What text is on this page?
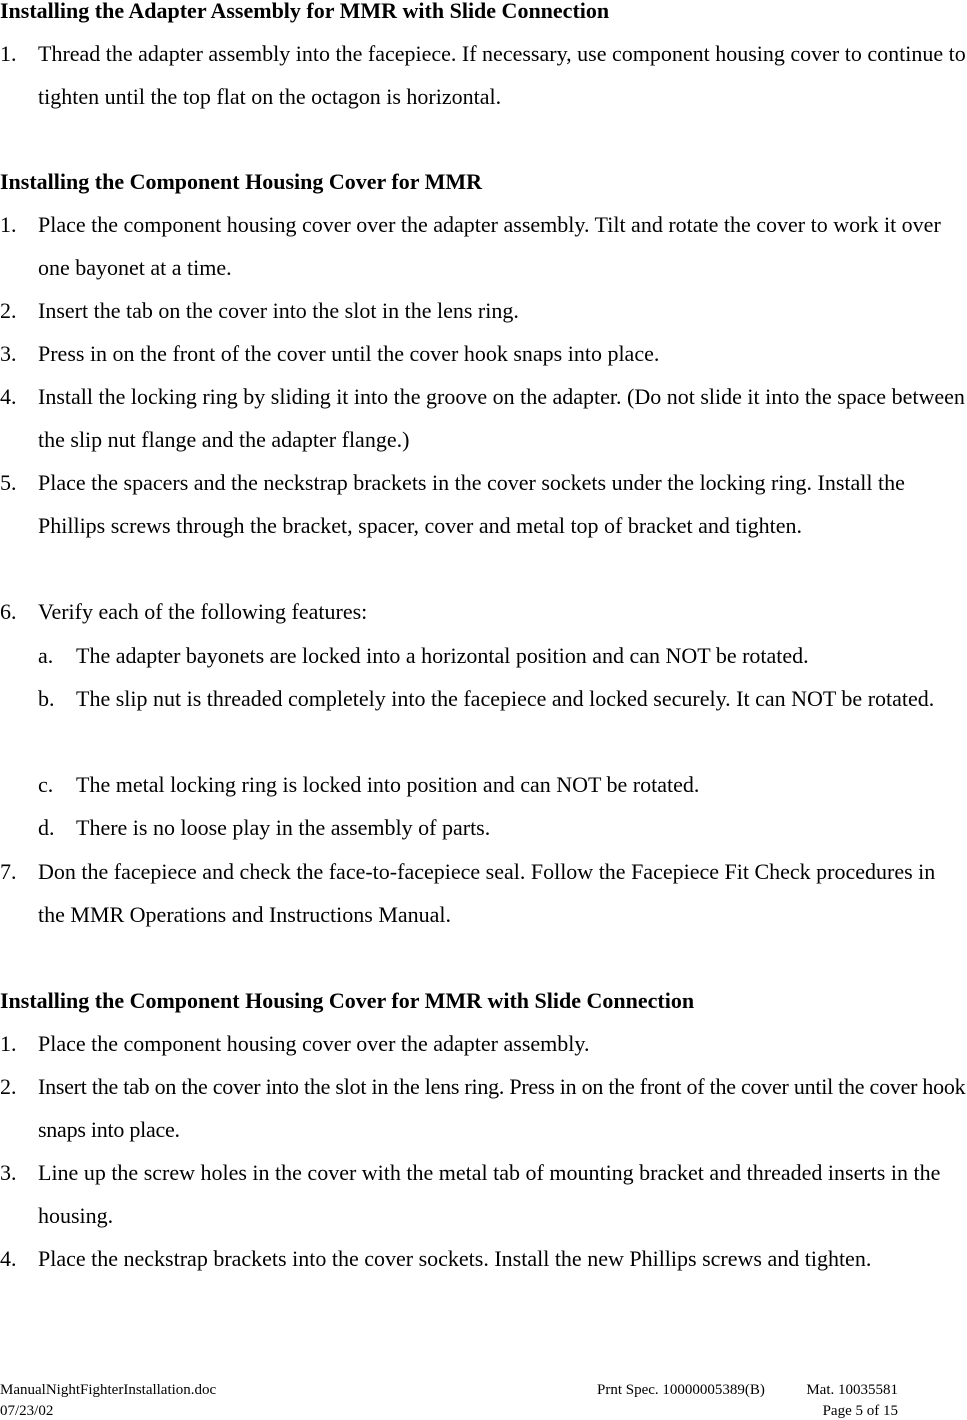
Installing the Adapter Assembly for MMR with Slide Connection
1. Thread the adapter assembly into the facepiece. If necessary, use component housing cover to continue to tighten until the top flat on the octagon is horizontal.
Installing the Component Housing Cover for MMR
1. Place the component housing cover over the adapter assembly. Tilt and rotate the cover to work it over one bayonet at a time.
2. Insert the tab on the cover into the slot in the lens ring.
3. Press in on the front of the cover until the cover hook snaps into place.
4. Install the locking ring by sliding it into the groove on the adapter. (Do not slide it into the space between the slip nut flange and the adapter flange.)
5. Place the spacers and the neckstrap brackets in the cover sockets under the locking ring. Install the Phillips screws through the bracket, spacer, cover and metal top of bracket and tighten.
6. Verify each of the following features:
a. The adapter bayonets are locked into a horizontal position and can NOT be rotated.
b. The slip nut is threaded completely into the facepiece and locked securely. It can NOT be rotated.
c. The metal locking ring is locked into position and can NOT be rotated.
d. There is no loose play in the assembly of parts.
7. Don the facepiece and check the face-to-facepiece seal. Follow the Facepiece Fit Check procedures in the MMR Operations and Instructions Manual.
Installing the Component Housing Cover for MMR with Slide Connection
1. Place the component housing cover over the adapter assembly.
2. Insert the tab on the cover into the slot in the lens ring. Press in on the front of the cover until the cover hook snaps into place.
3. Line up the screw holes in the cover with the metal tab of mounting bracket and threaded inserts in the housing.
4. Place the neckstrap brackets into the cover sockets. Install the new Phillips screws and tighten.
ManualNightFighterInstallation.doc
07/23/02
Prnt Spec. 10000005389(B)	Mat. 10035581
Page 5 of 15
